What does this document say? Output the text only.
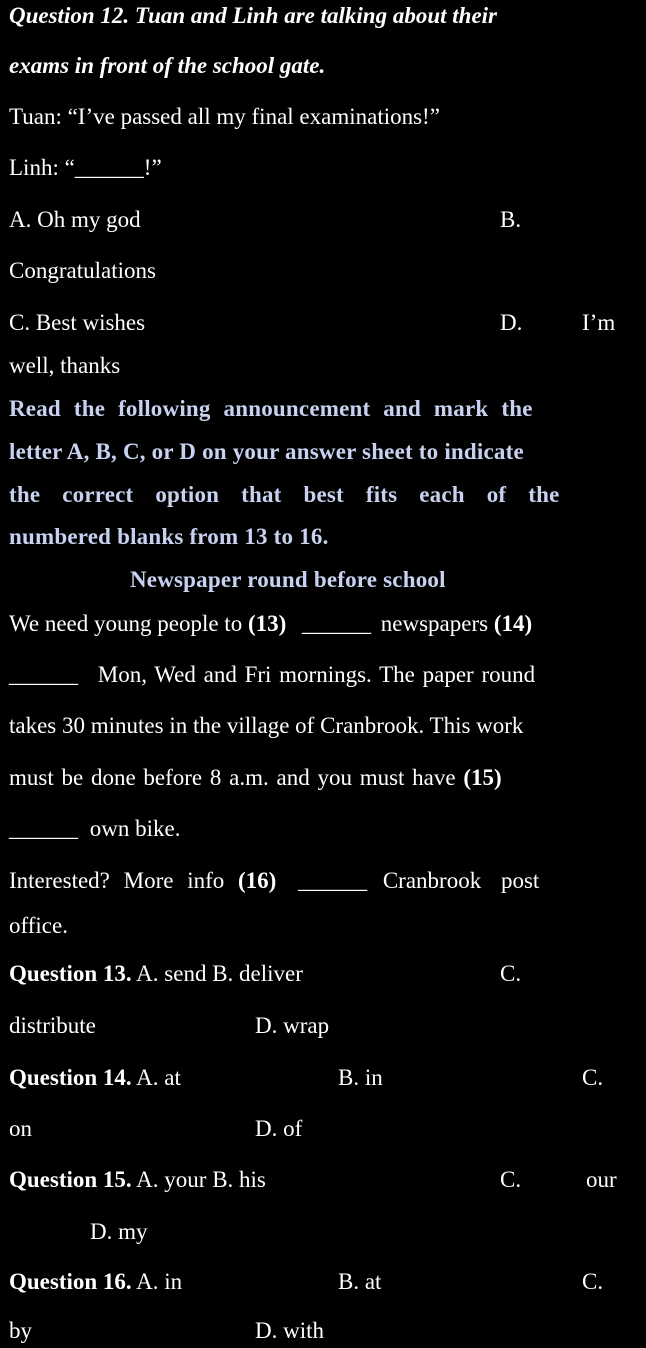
Question 12. Tuan and Linh are talking about their
exams in front of the school gate.
Tuan: “I’ve passed all my final examinations!”
Linh: “______!”
A. Oh my god	B.
Congratulations
C. Best wishes	D.	I’m
well, thanks
Read the following announcement and mark the
letter A, B, C, or D on your answer sheet to indicate
the correct option that best fits each of the
numbered blanks from 13 to 16.
Newspaper round before school
We need young people to (13) ______ newspapers (14)
______ Mon, Wed and Fri mornings. The paper round
takes 30 minutes in the village of Cranbrook. This work
must be done before 8 a.m. and you must have (15)
______ own bike.
Interested? More info (16) ______ Cranbrook post
office.
Question 13. A. send B. deliver	C.
distribute	D. wrap
Question 14. A. at	B. in	C.
on	D. of
Question 15. A. your B. his	C.	our
D. my
Question 16. A. in	B. at	C.
by	D. with
